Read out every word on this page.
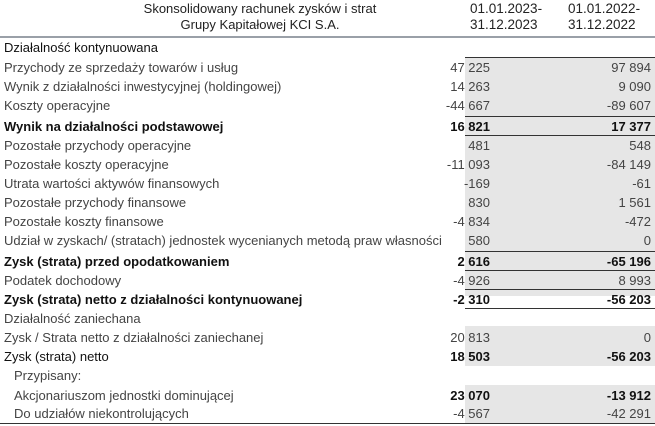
Skonsolidowany rachunek zysków i strat
Grupy Kapitałowej KCI S.A.
01.01.2023-
31.12.2023
01.01.2022-
31.12.2022
Działalność kontynuowana
Przychody ze sprzedaży towarów i usług	47 225	97 894
Wynik z działalności inwestycyjnej (holdingowej)	14 263	9 090
Koszty operacyjne	-44 667	-89 607
Wynik na działalności podstawowej	16 821	17 377
Pozostałe przychody operacyjne	481	548
Pozostałe koszty operacyjne	-11 093	-84 149
Utrata wartości aktywów finansowych	-169	-61
Pozostałe przychody finansowe	830	1 561
Pozostałe koszty finansowe	-4 834	-472
Udział w zyskach/ (stratach) jednostek wycenianych metodą praw własności	580	0
Zysk (strata) przed opodatkowaniem	2 616	-65 196
Podatek dochodowy	-4 926	8 993
Zysk (strata) netto z działalności kontynuowanej	-2 310	-56 203
Działalność zaniechana
Zysk / Strata netto z działalności zaniechanej	20 813	0
Zysk (strata) netto	18 503	-56 203
Przypisany:
Akcjonariuszom jednostki dominującej	23 070	-13 912
Do udziałów niekontrolujących	-4 567	-42 291
